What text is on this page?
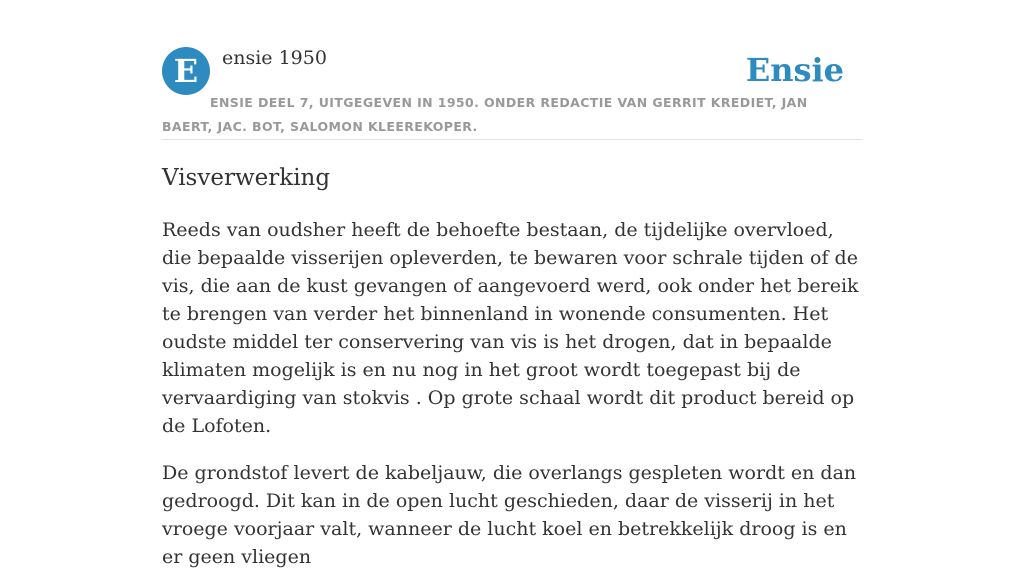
E	ensie 1950	Ensie
ENSIE DEEL 7, UITGEGEVEN IN 1950. ONDER REDACTIE VAN GERRIT KREDIET, JAN BAERT, JAC. BOT, SALOMON KLEEREKOPER.
Visverwerking

Reeds van oudsher heeft de behoefte bestaan, de tijdelijke overvloed, die bepaalde visserijen opleverden, te bewaren voor schrale tijden of de vis, die aan de kust gevangen of aangevoerd werd, ook onder het bereik te brengen van verder het binnenland in wonende consumenten. Het oudste middel ter conservering van vis is het drogen, dat in bepaalde klimaten mogelijk is en nu nog in het groot wordt toegepast bij de vervaardiging van stokvis . Op grote schaal wordt dit product bereid op de Lofoten.

De grondstof levert de kabeljauw, die overlangs gespleten wordt en dan gedroogd. Dit kan in de open lucht geschieden, daar de visserij in het vroege voorjaar valt, wanneer de lucht koel en betrekkelijk droog is en er geen vliegen
